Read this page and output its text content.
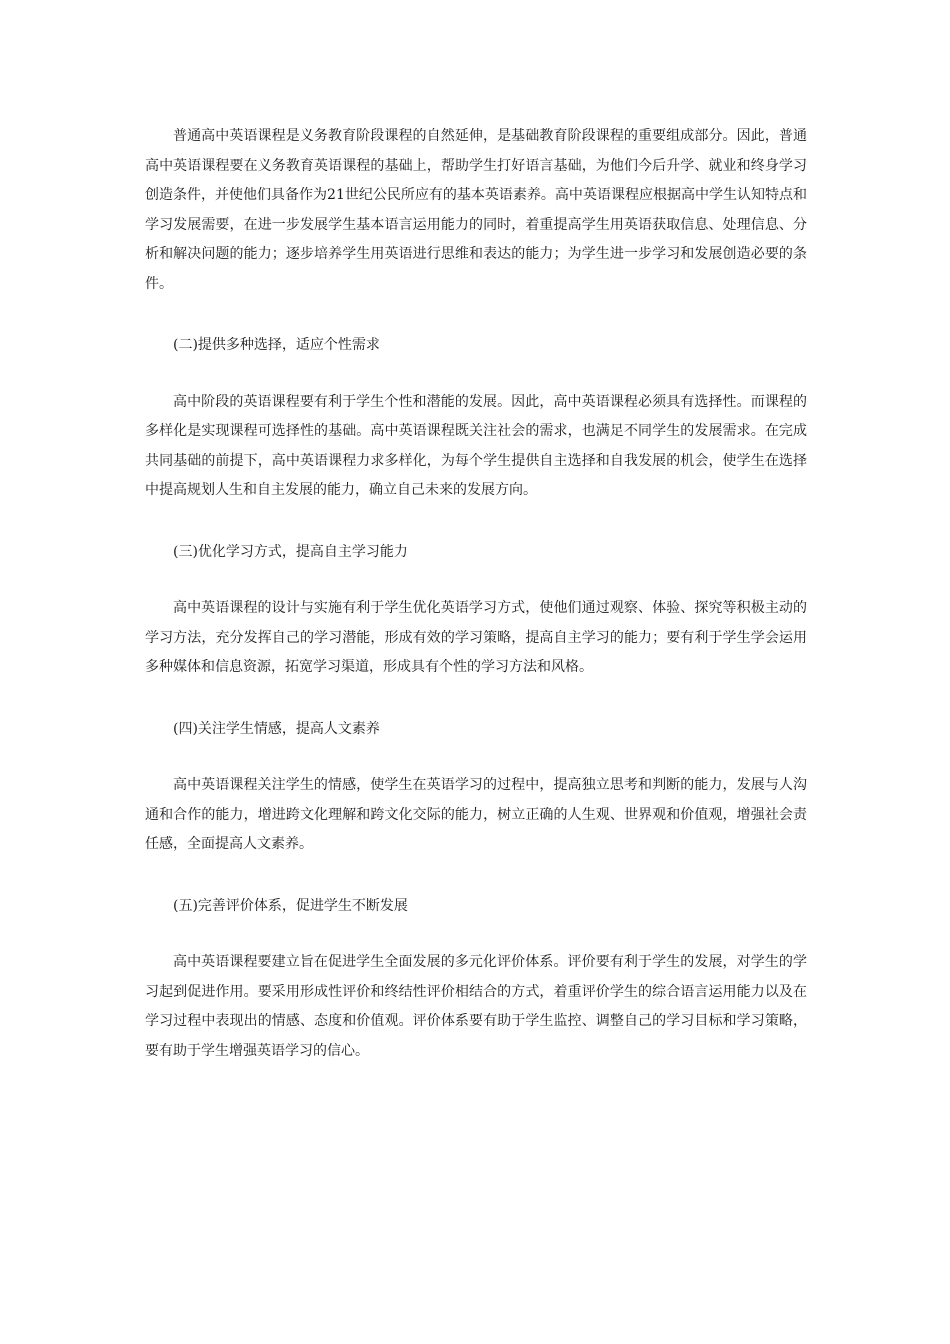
普通高中英语课程是义务教育阶段课程的自然延伸，是基础教育阶段课程的重要组成部分。因此，普通高中英语课程要在义务教育英语课程的基础上，帮助学生打好语言基础，为他们今后升学、就业和终身学习创造条件，并使他们具备作为21世纪公民所应有的基本英语素养。高中英语课程应根据高中学生认知特点和学习发展需要，在进一步发展学生基本语言运用能力的同时，着重提高学生用英语获取信息、处理信息、分析和解决问题的能力；逐步培养学生用英语进行思维和表达的能力；为学生进一步学习和发展创造必要的条件。

(二)提供多种选择，适应个性需求

高中阶段的英语课程要有利于学生个性和潜能的发展。因此，高中英语课程必须具有选择性。而课程的多样化是实现课程可选择性的基础。高中英语课程既关注社会的需求，也满足不同学生的发展需求。在完成共同基础的前提下，高中英语课程力求多样化，为每个学生提供自主选择和自我发展的机会，使学生在选择中提高规划人生和自主发展的能力，确立自己未来的发展方向。

(三)优化学习方式，提高自主学习能力

高中英语课程的设计与实施有利于学生优化英语学习方式，使他们通过观察、体验、探究等积极主动的学习方法，充分发挥自己的学习潜能，形成有效的学习策略，提高自主学习的能力；要有利于学生学会运用多种媒体和信息资源，拓宽学习渠道，形成具有个性的学习方法和风格。

(四)关注学生情感，提高人文素养

高中英语课程关注学生的情感，使学生在英语学习的过程中，提高独立思考和判断的能力，发展与人沟通和合作的能力，增进跨文化理解和跨文化交际的能力，树立正确的人生观、世界观和价值观，增强社会责任感，全面提高人文素养。

(五)完善评价体系，促进学生不断发展

高中英语课程要建立旨在促进学生全面发展的多元化评价体系。评价要有利于学生的发展，对学生的学习起到促进作用。要采用形成性评价和终结性评价相结合的方式，着重评价学生的综合语言运用能力以及在学习过程中表现出的情感、态度和价值观。评价体系要有助于学生监控、调整自己的学习目标和学习策略，要有助于学生增强英语学习的信心。
